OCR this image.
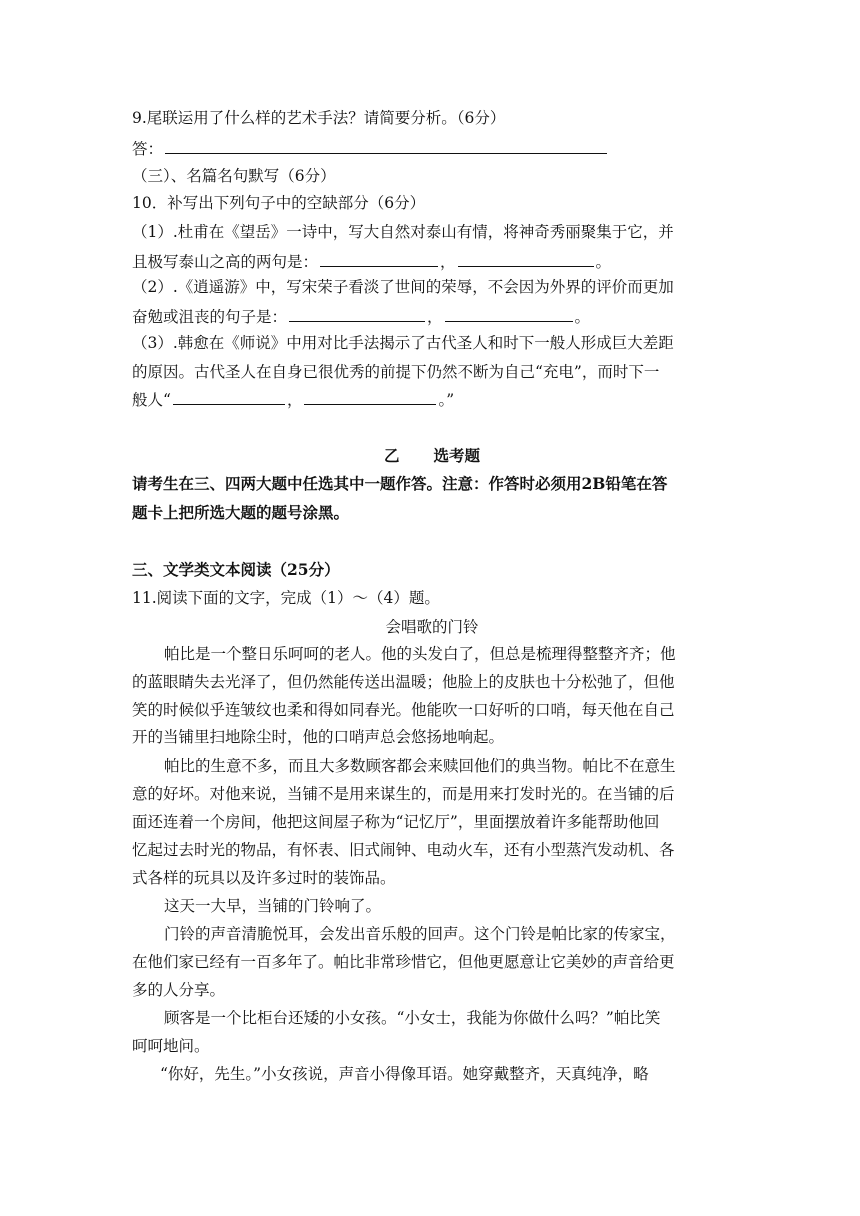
9.尾联运用了什么样的艺术手法？请简要分析。（6分）
答：
（三）、名篇名句默写（6分）
10．补写出下列句子中的空缺部分（6分）
（1）.杜甫在《望岳》一诗中，写大自然对泰山有情，将神奇秀丽聚集于它，并
且极写泰山之高的两句是：	，	。
（2）.《逍遥游》中，写宋荣子看淡了世间的荣辱，不会因为外界的评价而更加
奋勉或沮丧的句子是：	，	。
（3）.韩愈在《师说》中用对比手法揭示了古代圣人和时下一般人形成巨大差距
的原因。古代圣人在自身已很优秀的前提下仍然不断为自己“充电”，而时下一
般人“	，	。”
乙 选考题
请考生在三、四两大题中任选其中一题作答。注意：作答时必须用2B铅笔在答
题卡上把所选大题的题号涂黑。
三、文学类文本阅读（25分）
11.阅读下面的文字，完成（1）～（4）题。
会唱歌的门铃
帕比是一个整日乐呵呵的老人。他的头发白了，但总是梳理得整整齐齐；他
的蓝眼睛失去光泽了，但仍然能传送出温暖；他脸上的皮肤也十分松弛了，但他
笑的时候似乎连皱纹也柔和得如同春光。他能吹一口好听的口哨，每天他在自己
开的当铺里扫地除尘时，他的口哨声总会悠扬地响起。
帕比的生意不多，而且大多数顾客都会来赎回他们的典当物。帕比不在意生
意的好坏。对他来说，当铺不是用来谋生的，而是用来打发时光的。在当铺的后
面还连着一个房间，他把这间屋子称为“记忆厅”，里面摆放着许多能帮助他回
忆起过去时光的物品，有怀表、旧式闹钟、电动火车，还有小型蒸汽发动机、各
式各样的玩具以及许多过时的装饰品。
这天一大早，当铺的门铃响了。
门铃的声音清脆悦耳，会发出音乐般的回声。这个门铃是帕比家的传家宝，
在他们家已经有一百多年了。帕比非常珍惜它，但他更愿意让它美妙的声音给更
多的人分享。
顾客是一个比柜台还矮的小女孩。“小女士，我能为你做什么吗？”帕比笑
呵呵地问。
“你好，先生。”小女孩说，声音小得像耳语。她穿戴整齐，天真纯净，略
